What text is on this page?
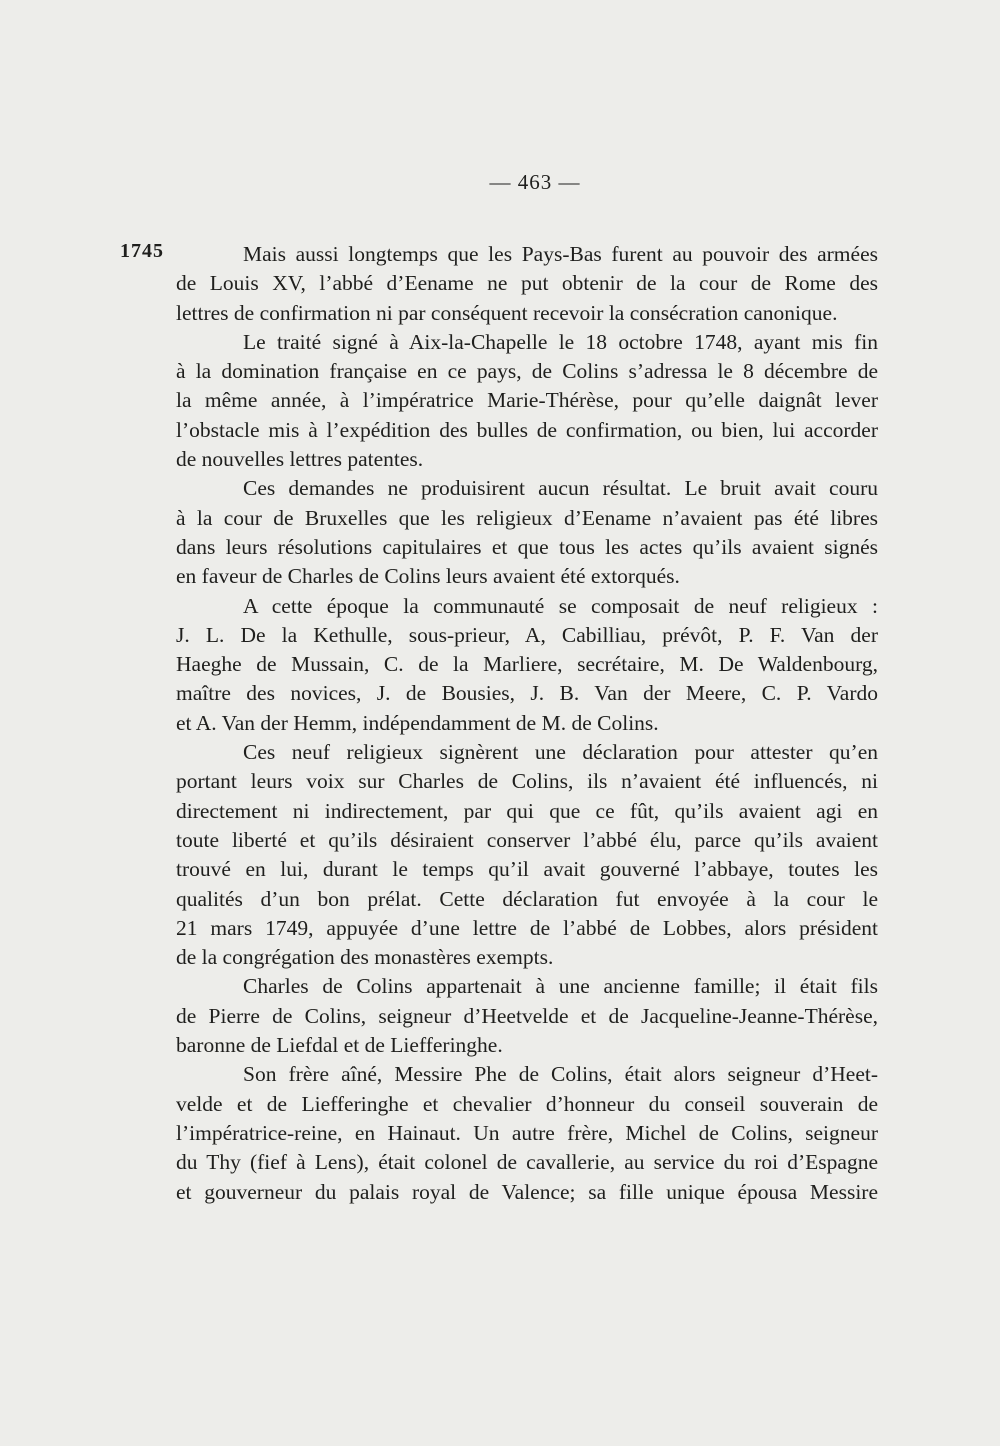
— 463 —
1745	Mais aussi longtemps que les Pays-Bas furent au pouvoir des armées
de Louis XV, l’abbé d’Eename ne put obtenir de la cour de Rome des
lettres de confirmation ni par conséquent recevoir la consécration canonique.
Le traité signé à Aix-la-Chapelle le 18 octobre 1748, ayant mis fin
à la domination française en ce pays, de Colins s’adressa le 8 décembre de
la même année, à l’impératrice Marie-Thérèse, pour qu’elle daignât lever
l’obstacle mis à l’expédition des bulles de confirmation, ou bien, lui accorder
de nouvelles lettres patentes.
Ces demandes ne produisirent aucun résultat. Le bruit avait couru
à la cour de Bruxelles que les religieux d’Eename n’avaient pas été libres
dans leurs résolutions capitulaires et que tous les actes qu’ils avaient signés
en faveur de Charles de Colins leurs avaient été extorqués.
A cette époque la communauté se composait de neuf religieux :
J. L. De la Kethulle, sous-prieur, A, Cabilliau, prévôt, P. F. Van der
Haeghe de Mussain, C. de la Marliere, secrétaire, M. De Waldenbourg,
maître des novices, J. de Bousies, J. B. Van der Meere, C. P. Vardo
et A. Van der Hemm, indépendamment de M. de Colins.
Ces neuf religieux signèrent une déclaration pour attester qu’en
portant leurs voix sur Charles de Colins, ils n’avaient été influencés, ni
directement ni indirectement, par qui que ce fût, qu’ils avaient agi en
toute liberté et qu’ils désiraient conserver l’abbé élu, parce qu’ils avaient
trouvé en lui, durant le temps qu’il avait gouverné l’abbaye, toutes les
qualités d’un bon prélat. Cette déclaration fut envoyée à la cour le
21 mars 1749, appuyée d’une lettre de l’abbé de Lobbes, alors président
de la congrégation des monastères exempts.
Charles de Colins appartenait à une ancienne famille; il était fils
de Pierre de Colins, seigneur d’Heetvelde et de Jacqueline-Jeanne-Thérèse,
baronne de Liefdal et de Liefferinghe.
Son frère aîné, Messire Phe de Colins, était alors seigneur d’Heet-
velde et de Liefferinghe et chevalier d’honneur du conseil souverain de
l’impératrice-reine, en Hainaut. Un autre frère, Michel de Colins, seigneur
du Thy (fief à Lens), était colonel de cavallerie, au service du roi d’Espagne
et gouverneur du palais royal de Valence; sa fille unique épousa Messire
